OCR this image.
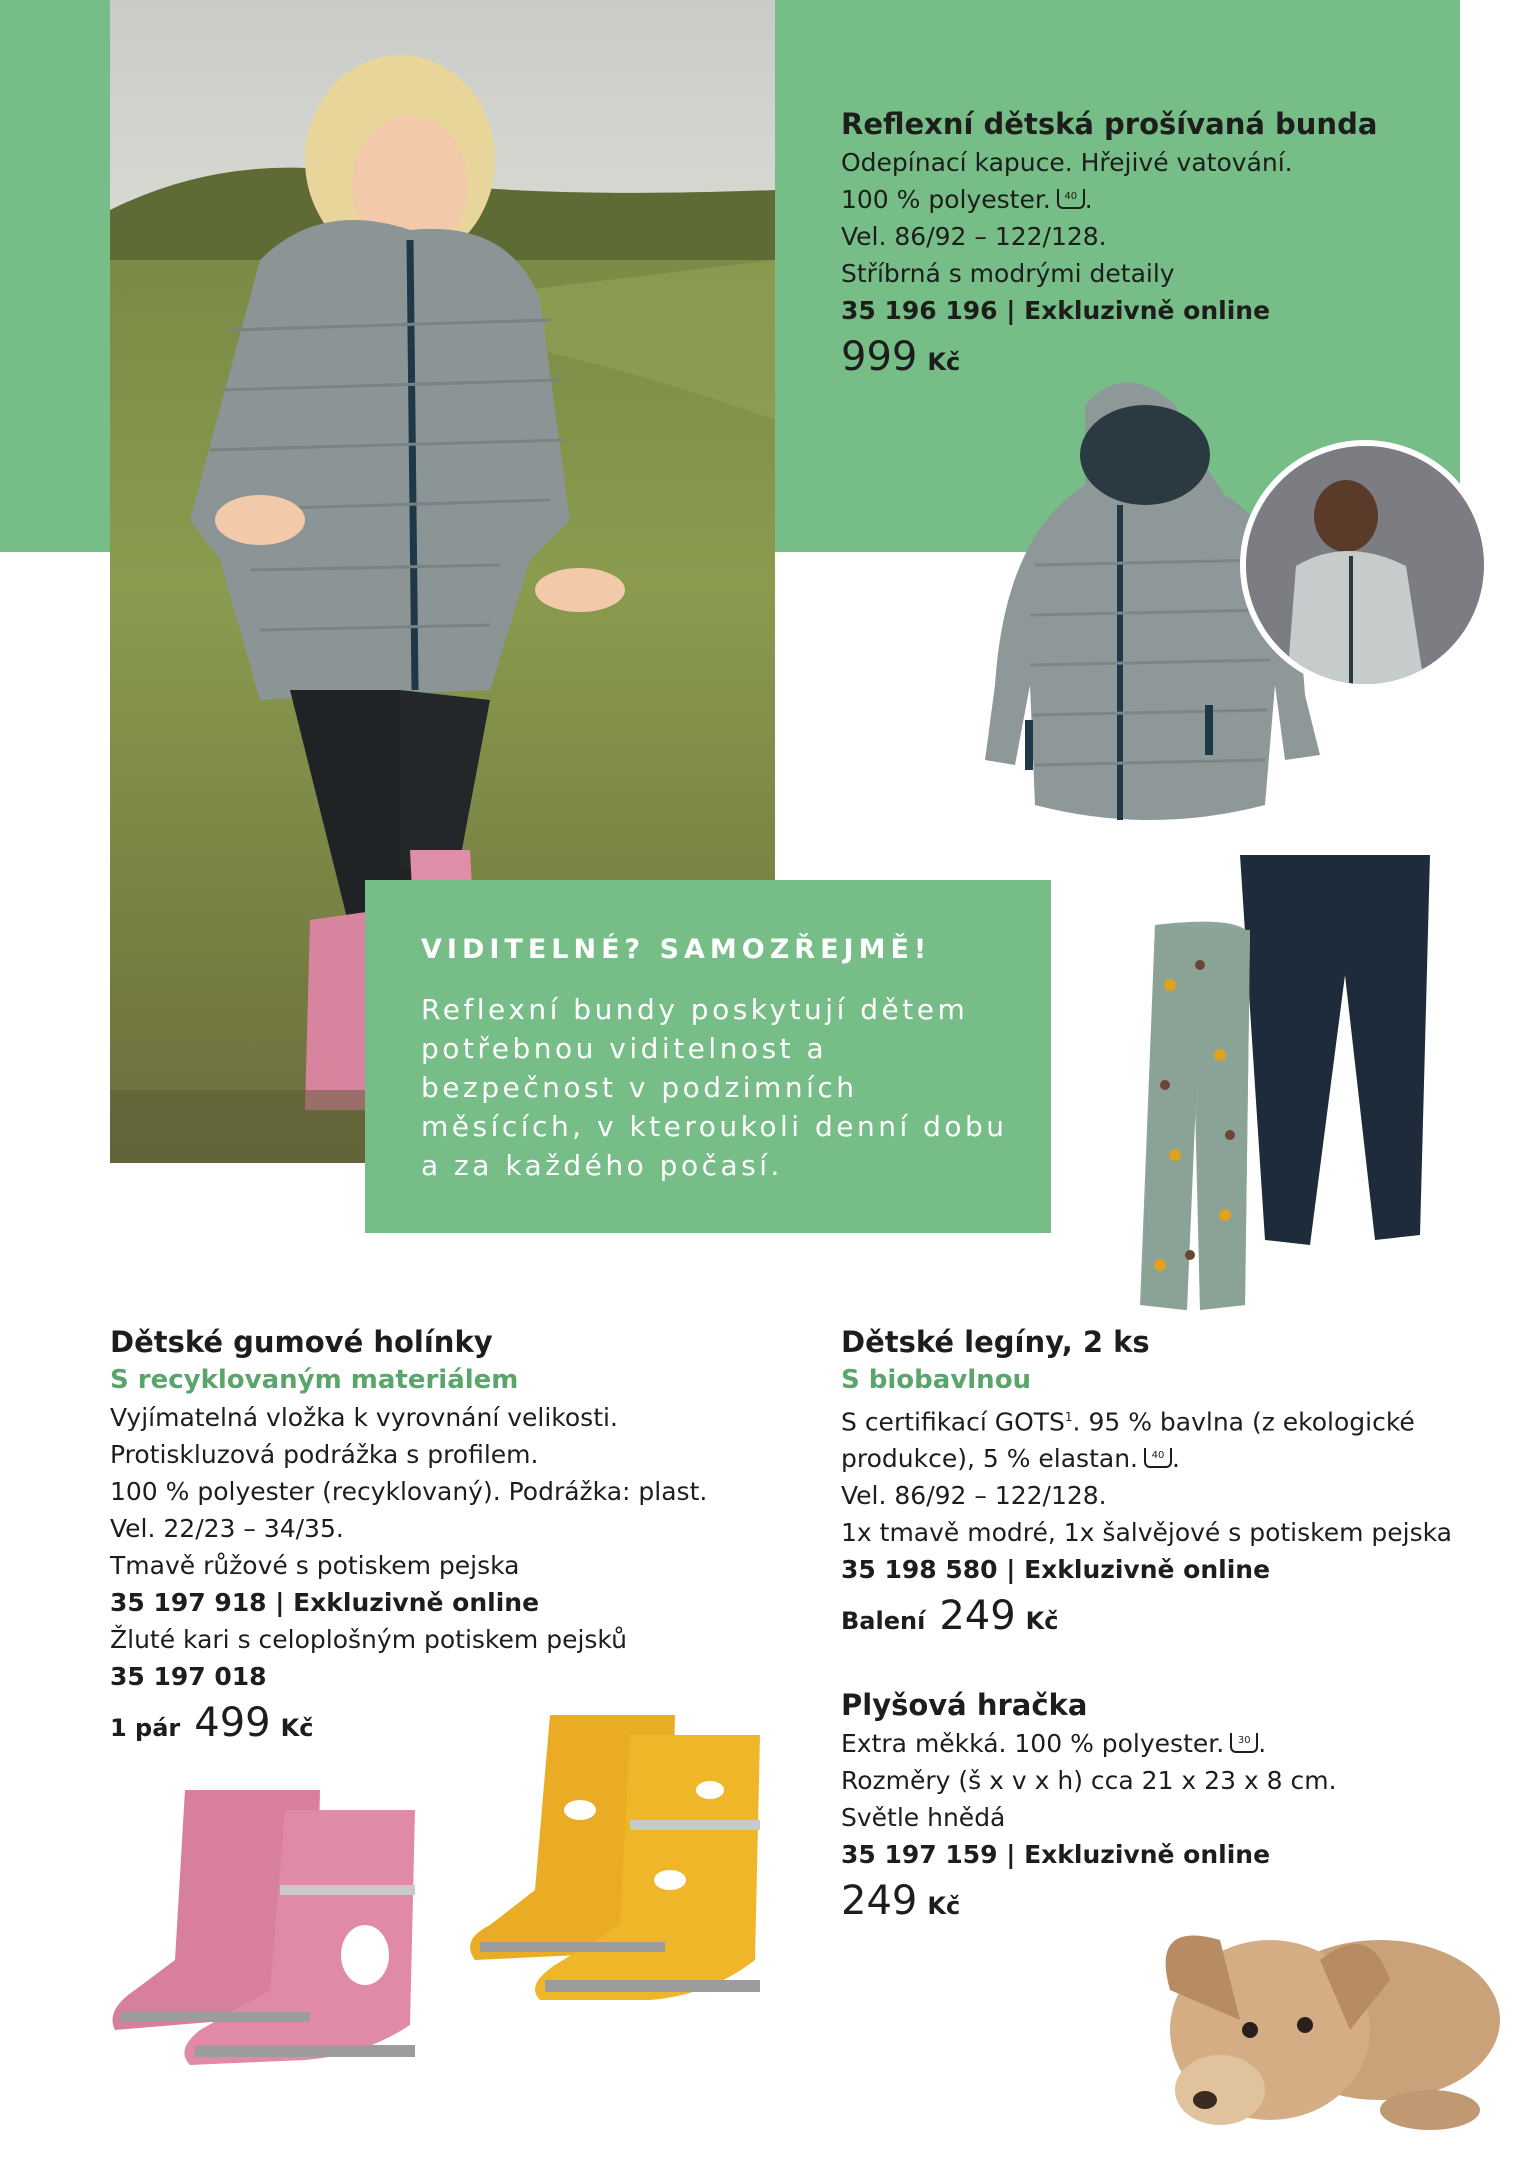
Reflexní dětská prošívaná bunda
Odepínací kapuce. Hřejivé vatování.
100 % polyester. 40 .
Vel. 86/92 – 122/128.
Stříbrná s modrými detaily
35 196 196 | Exkluzivně online
999 Kč
VIDITELNÉ? SAMOZŘEJMĚ!
Reflexní bundy poskytují dětem potřebnou viditelnost a bezpečnost v podzimních měsících, v kteroukoli denní dobu a za každého počasí.
Dětské gumové holínky
S recyklovaným materiálem
Vyjímatelná vložka k vyrovnání velikosti.
Protiskluzová podrážka s profilem.
100 % polyester (recyklovaný). Podrážka: plast.
Vel. 22/23 – 34/35.
Tmavě růžové s potiskem pejska
35 197 918 | Exkluzivně online
Žluté kari s celoplošným potiskem pejsků
35 197 018
1 pár 499 Kč
Dětské legíny, 2 ks
S biobavlnou
S certifikací GOTS$^1$. 95 % bavlna (z ekologické
produkce), 5 % elastan. 40 .
Vel. 86/92 – 122/128.
1x tmavě modré, 1x šalvějové s potiskem pejska
35 198 580 | Exkluzivně online
Balení 249 Kč
Plyšová hračka
Extra měkká. 100 % polyester. 30 .
Rozměry (š x v x h) cca 21 x 23 x 8 cm.
Světle hnědá
35 197 159 | Exkluzivně online
249 Kč
